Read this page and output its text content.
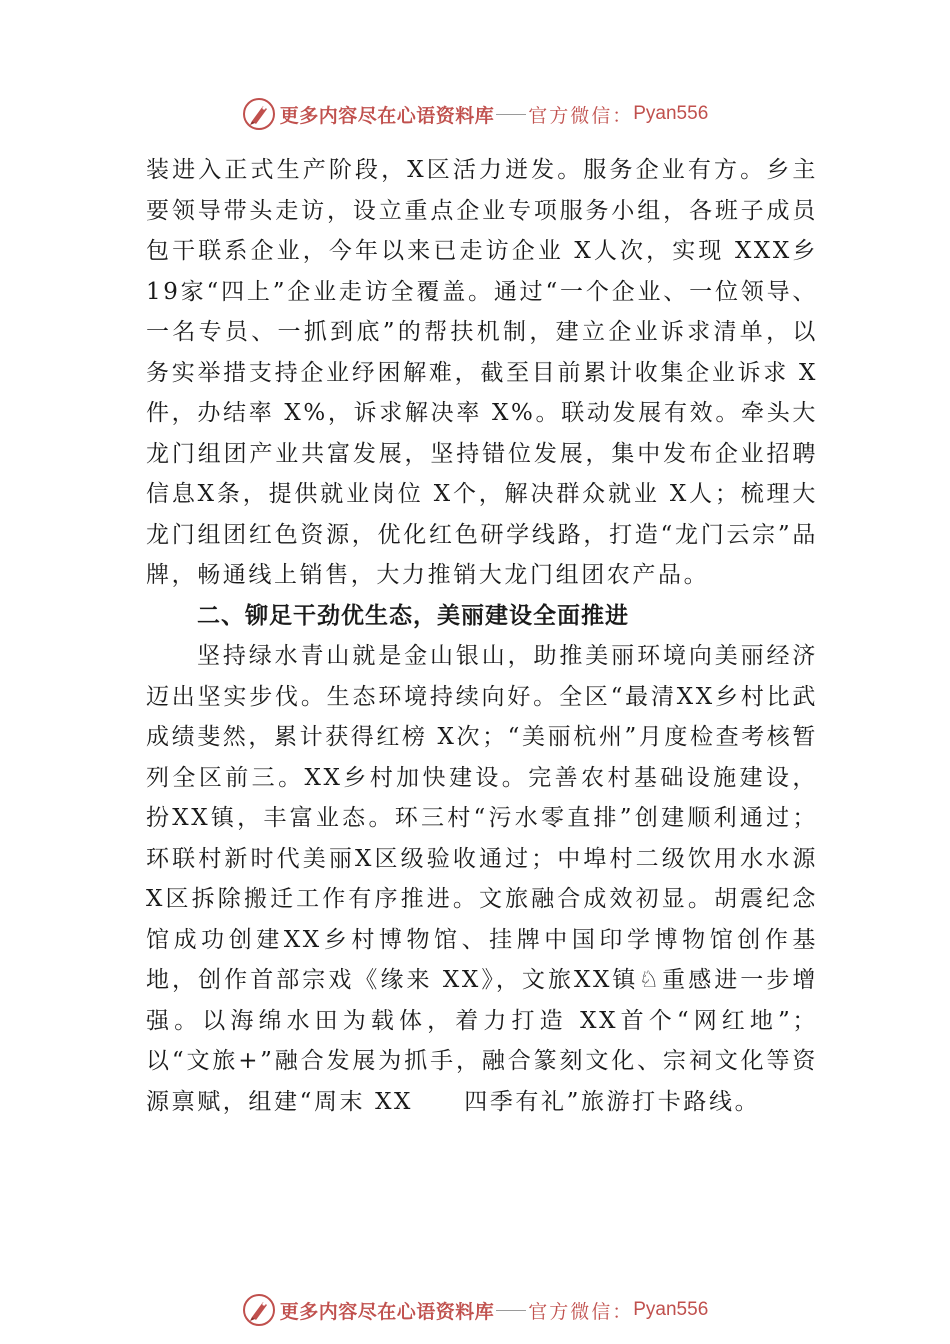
更多内容尽在心语资料库 官方微信： Pyan556

装进入正式生产阶段，X区活力迸发。服务企业有方。乡主要领导带头走访，设立重点企业专项服务小组，各班子成员包干联系企业，今年以来已走访企业 X人次，实现 XXX乡19家“四上”企业走访全覆盖。通过“一个企业、一位领导、一名专员、一抓到底”的帮扶机制，建立企业诉求清单，以务实举措支持企业纾困解难，截至目前累计收集企业诉求 X件，办结率 X%，诉求解决率 X%。联动发展有效。牵头大龙门组团产业共富发展，坚持错位发展，集中发布企业招聘信息X条，提供就业岗位 X个，解决群众就业 X人；梳理大龙门组团红色资源，优化红色研学线路，打造“龙门云宗”品牌，畅通线上销售，大力推销大龙门组团农产品。

二、铆足干劲优生态，美丽建设全面推进

坚持绿水青山就是金山银山，助推美丽环境向美丽经济迈出坚实步伐。生态环境持续向好。全区“最清XX乡村比武成绩斐然，累计获得红榜 X次；“美丽杭州”月度检查考核暂列全区前三。XX乡村加快建设。完善农村基础设施建设，扮XX镇，丰富业态。环三村“污水零直排”创建顺利通过；环联村新时代美丽X区级验收通过；中埠村二级饮用水水源X区拆除搬迁工作有序推进。文旅融合成效初显。胡震纪念馆成功创建XX乡村博物馆、挂牌中国印学博物馆创作基地，创作首部宗戏《缘来 XX》，文旅XX镇♘重感进一步增强。以海绵水田为载体，着力打造 XX首个“网红地”；以“文旅+”融合发展为抓手，融合篆刻文化、宗祠文化等资源禀赋，组建“周末 XX　　四季有礼”旅游打卡路线。

更多内容尽在心语资料库 官方微信： Pyan556
